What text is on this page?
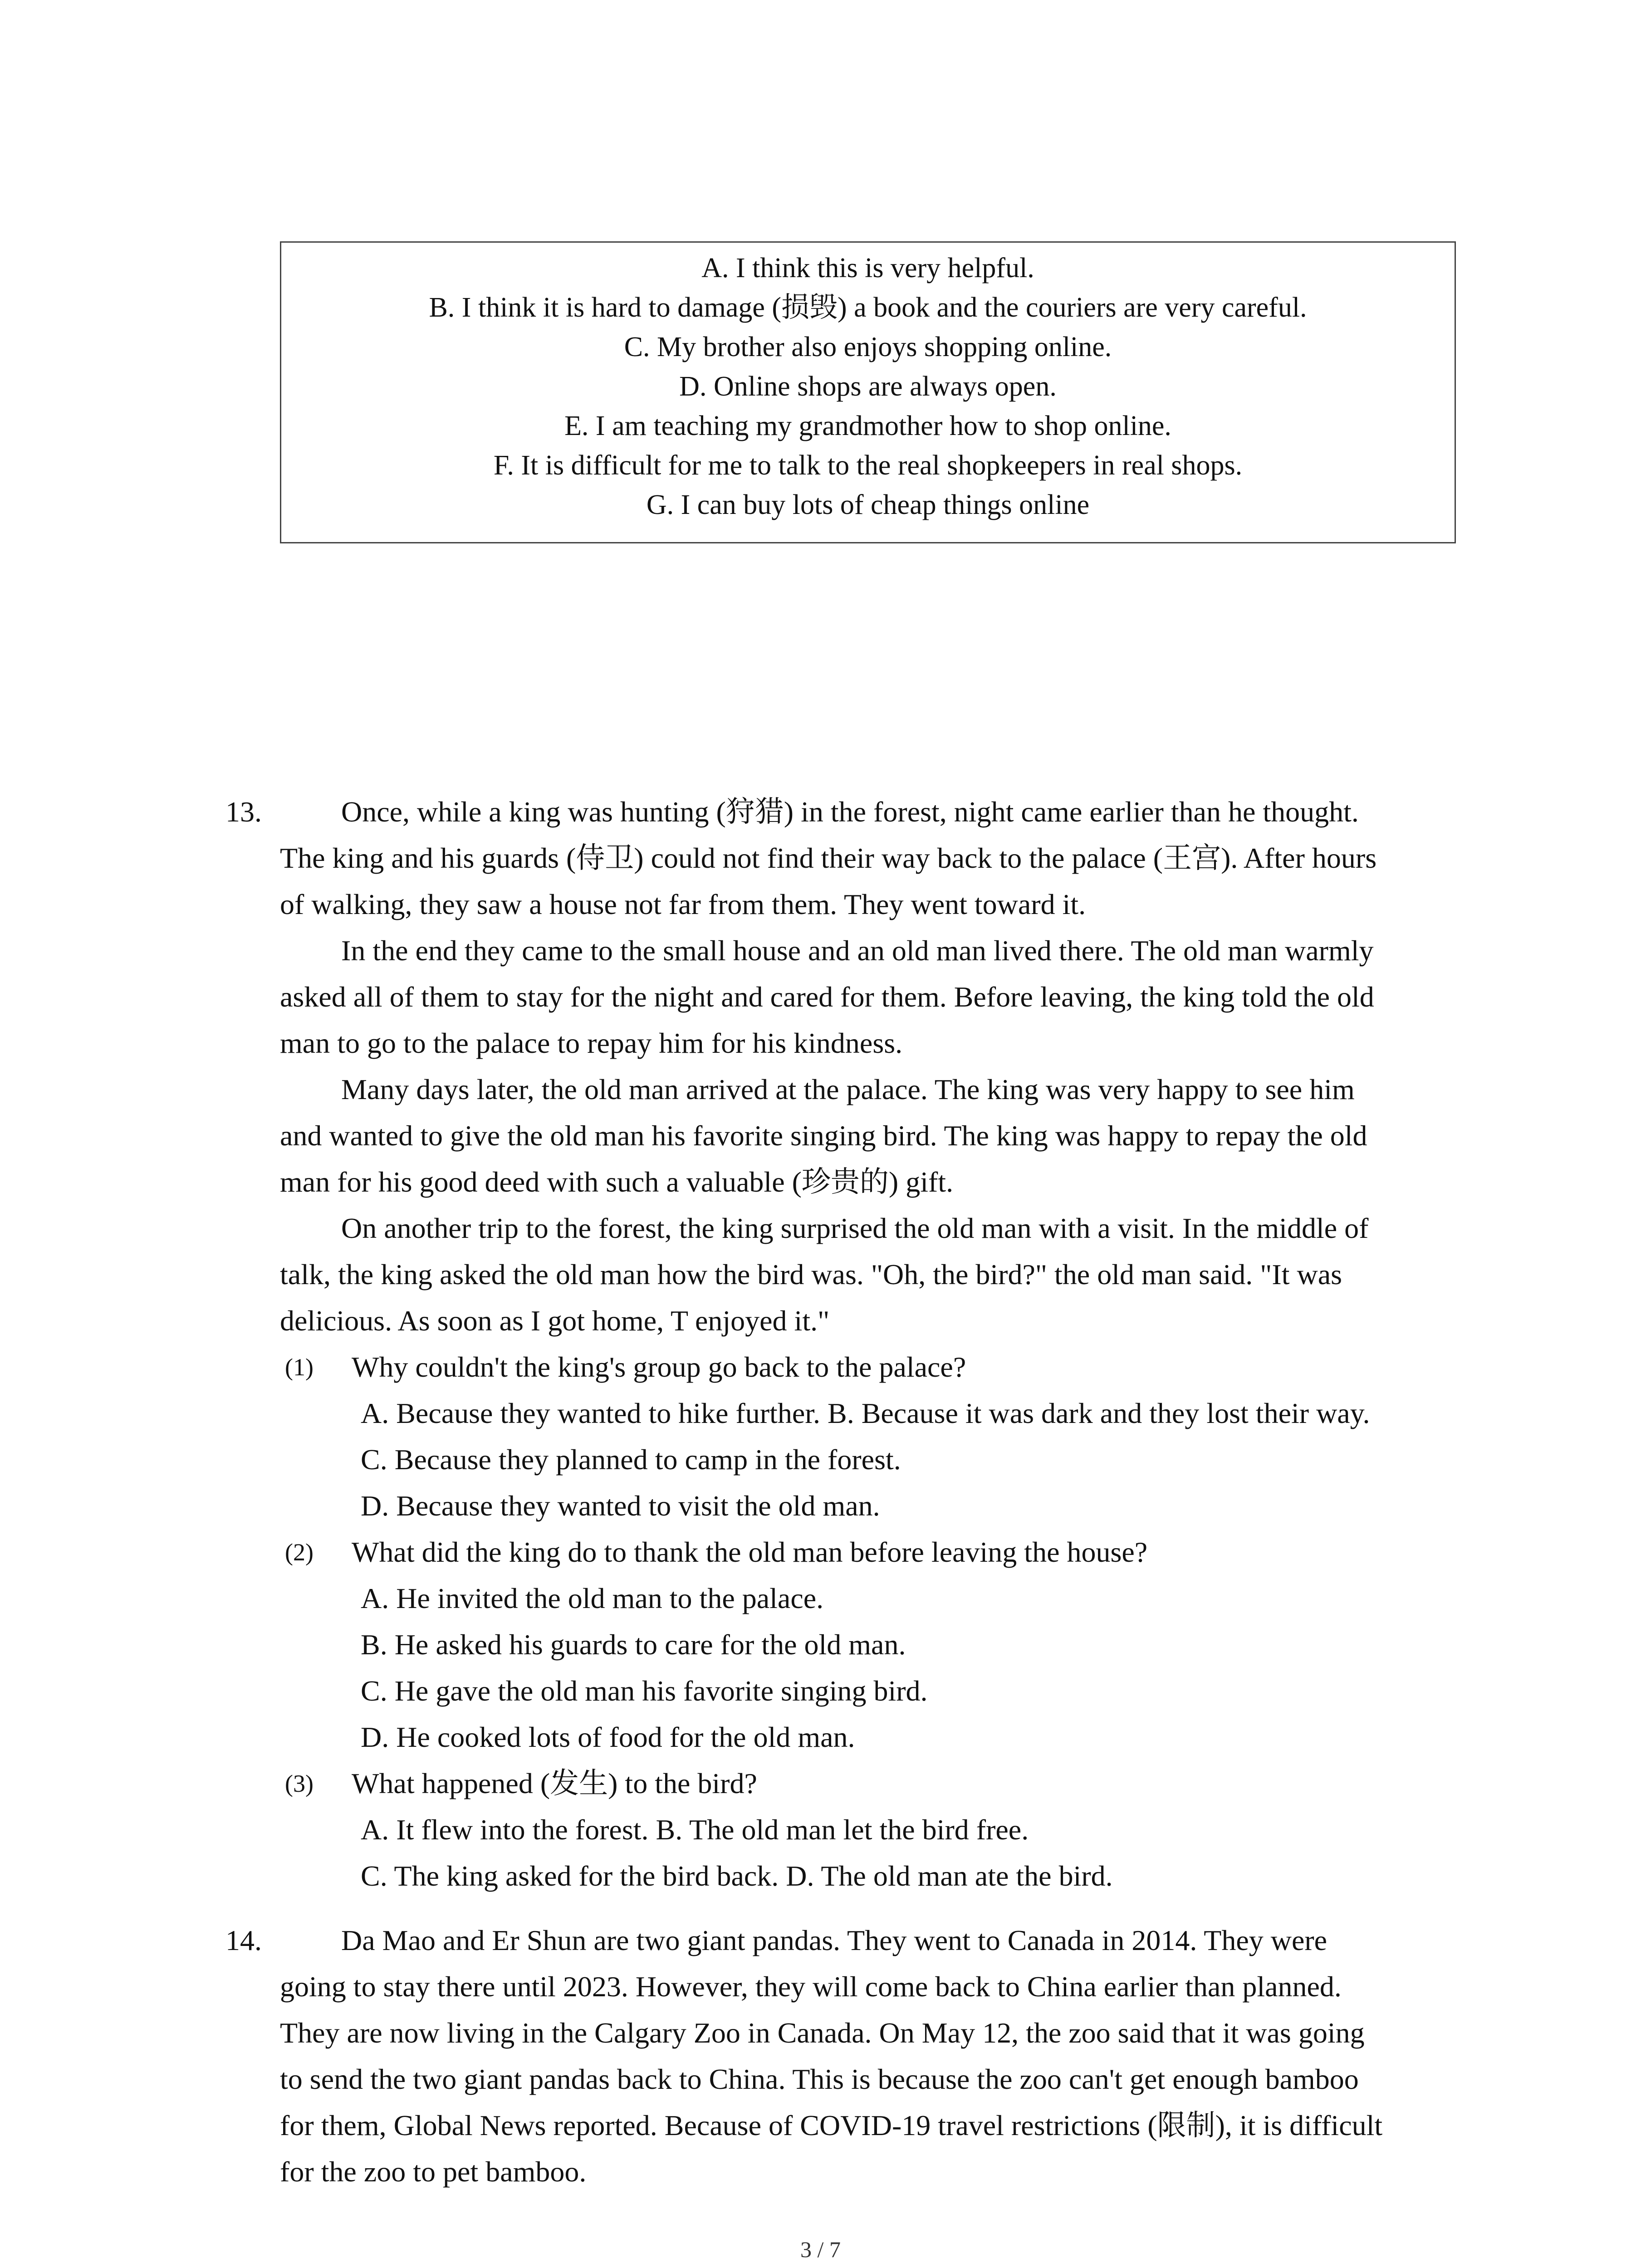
A. I think this is very helpful.
B. I think it is hard to damage (损毁) a book and the couriers are very careful.
C. My brother also enjoys shopping online.
D. Online shops are always open.
E. I am teaching my grandmother how to shop online.
F. It is difficult for me to talk to the real shopkeepers in real shops.
G. I can buy lots of cheap things online
13.	Once, while a king was hunting (狩猎) in the forest, night came earlier than he thought.
The king and his guards (侍卫) could not find their way back to the palace (王宫). After hours
of walking, they saw a house not far from them. They went toward it.
In the end they came to the small house and an old man lived there. The old man warmly
asked all of them to stay for the night and cared for them. Before leaving, the king told the old
man to go to the palace to repay him for his kindness.
Many days later, the old man arrived at the palace. The king was very happy to see him
and wanted to give the old man his favorite singing bird. The king was happy to repay the old
man for his good deed with such a valuable (珍贵的) gift.
On another trip to the forest, the king surprised the old man with a visit. In the middle of
talk, the king asked the old man how the bird was. "Oh, the bird?" the old man said. "It was
delicious. As soon as I got home, T enjoyed it."
(1) Why couldn't the king's group go back to the palace?
A. Because they wanted to hike further. B. Because it was dark and they lost their way.
C. Because they planned to camp in the forest.
D. Because they wanted to visit the old man.
(2) What did the king do to thank the old man before leaving the house?
A. He invited the old man to the palace.
B. He asked his guards to care for the old man.
C. He gave the old man his favorite singing bird.
D. He cooked lots of food for the old man.
(3) What happened (发生) to the bird?
A. It flew into the forest. B. The old man let the bird free.
C. The king asked for the bird back. D. The old man ate the bird.
14.	Da Mao and Er Shun are two giant pandas. They went to Canada in 2014. They were
going to stay there until 2023. However, they will come back to China earlier than planned.
They are now living in the Calgary Zoo in Canada. On May 12, the zoo said that it was going
to send the two giant pandas back to China. This is because the zoo can't get enough bamboo
for them, Global News reported. Because of COVID-19 travel restrictions (限制), it is difficult
for the zoo to pet bamboo.
3 / 7
